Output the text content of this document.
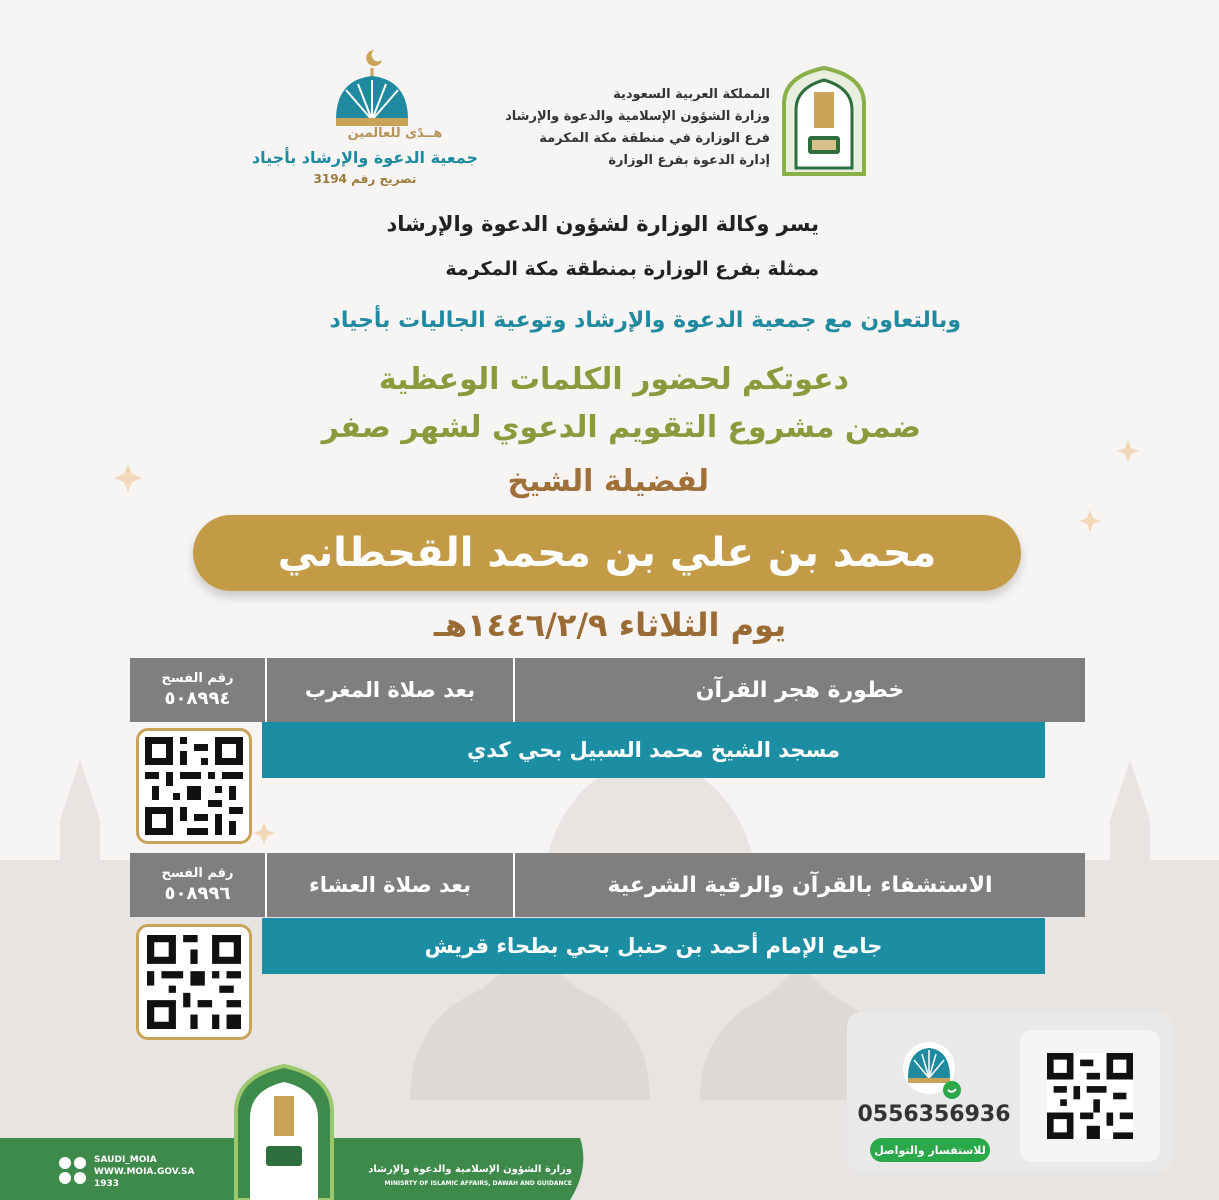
المملكة العربية السعودية
وزارة الشؤون الإسلامية والدعوة والإرشاد
فرع الوزارة في منطقة مكة المكرمة
إدارة الدعوة بفرع الوزارة
هــدًى للعالمين
جمعية الدعوة والإرشاد بأجياد
تصريح رقم 3194
يسر وكالة الوزارة لشؤون الدعوة والإرشاد
ممثلة بفرع الوزارة بمنطقة مكة المكرمة
وبالتعاون مع جمعية الدعوة والإرشاد وتوعية الجاليات بأجياد
دعوتكم لحضور الكلمات الوعظية
ضمن مشروع التقويم الدعوي لشهر صفر
لفضيلة الشيخ
محمد بن علي بن محمد القحطاني
يوم الثلاثاء ١٤٤٦/٢/٩هـ
خطورة هجر القرآن
بعد صلاة المغرب
رقم الفسح
٥٠٨٩٩٤
مسجد الشيخ محمد السبيل بحي كدي
الاستشفاء بالقرآن والرقية الشرعية
بعد صلاة العشاء
رقم الفسح
٥٠٨٩٩٦
جامع الإمام أحمد بن حنبل بحي بطحاء قريش
0556356936
للاستفسار والتواصل
وزارة الشؤون الإسلامية والدعوة والإرشاد
MINISRTY OF ISLAMIC AFFAIRS, DAWAH AND GUIDANCE
SAUDI_MOIA
WWW.MOIA.GOV.SA
1933
